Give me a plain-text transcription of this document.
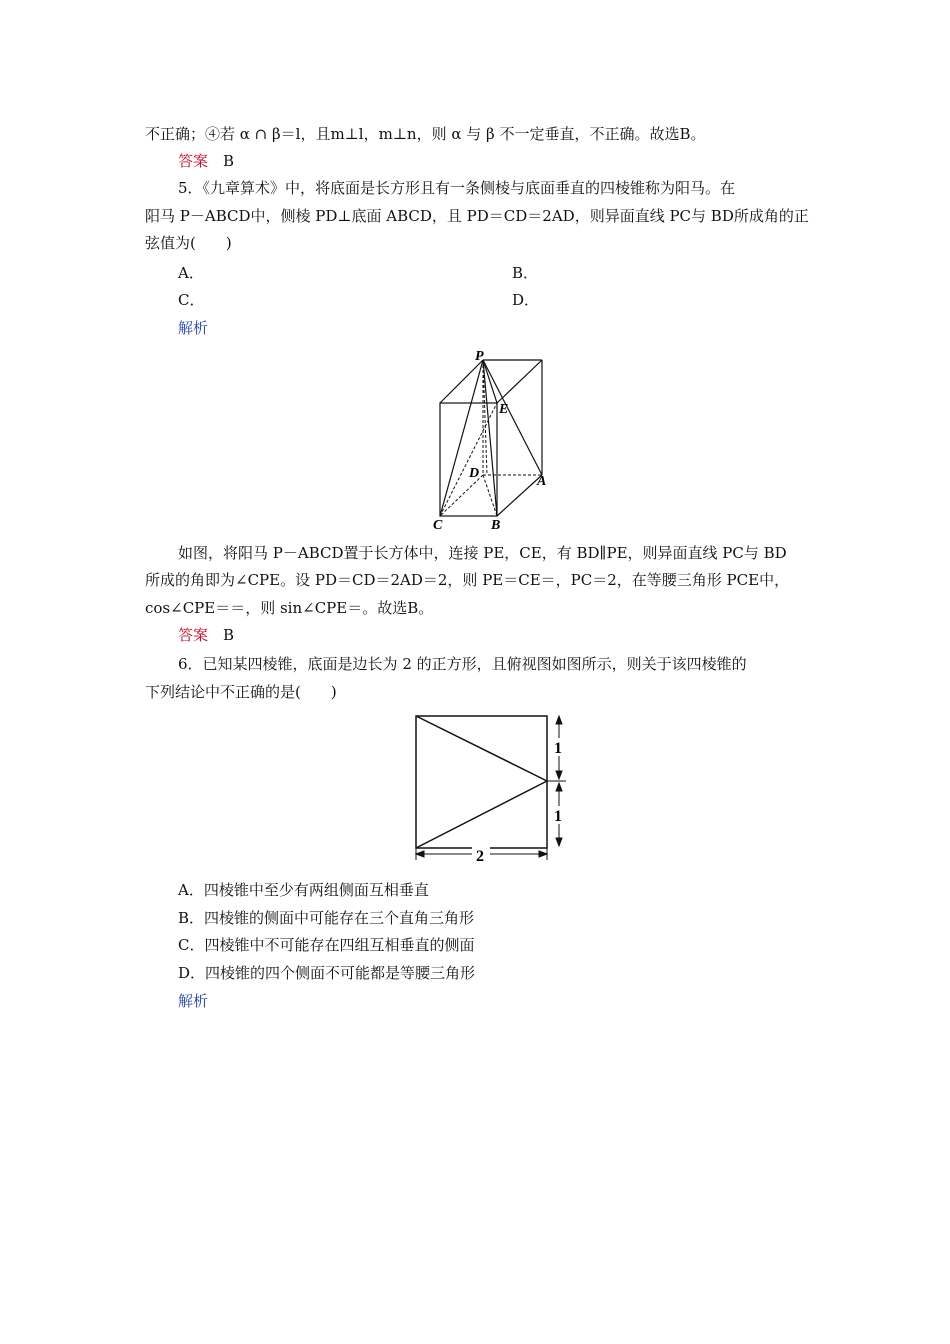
不正确；④若 α ∩ β＝l，且m⊥l，m⊥n，则 α 与 β 不一定垂直，不正确。故选B。
答案　 B
5．《九章算术》中，将底面是长方形且有一条侧棱与底面垂直的四棱锥称为阳马。在
阳马 P－ABCD中，侧棱 PD⊥底面 ABCD，且 PD＝CD＝2AD，则异面直线 PC与 BD所成角的正
弦值为(　　)
A．	B．
C．	D．
解析
P
E
D
A
C	B
如图，将阳马 P－ABCD置于长方体中，连接 PE，CE，有 BD∥PE，则异面直线 PC与 BD
所成的角即为∠CPE。设 PD＝CD＝2AD＝2，则 PE＝CE＝，PC＝2，在等腰三角形 PCE中，
cos∠CPE＝＝，则 sin∠CPE＝。故选B。
答案　 B
6．已知某四棱锥，底面是边长为 2 的正方形，且俯视图如图所示，则关于该四棱锥的
下列结论中不正确的是(　　)
1
1
2
A．四棱锥中至少有两组侧面互相垂直
B．四棱锥的侧面中可能存在三个直角三角形
C．四棱锥中不可能存在四组互相垂直的侧面
D．四棱锥的四个侧面不可能都是等腰三角形
解析
